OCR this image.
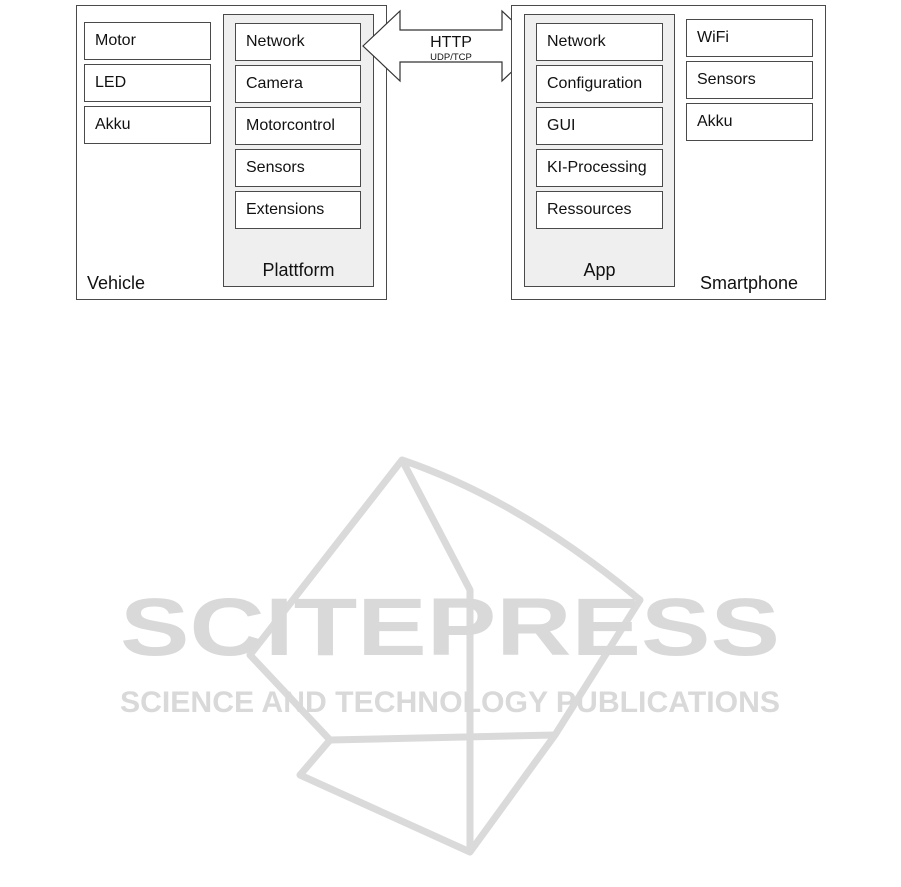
Motor
LED
Akku
Vehicle
Network
Camera
Motorcontrol
Sensors
Extensions
Plattform
HTTP
UDP/TCP
Network
Configuration
GUI
KI-Processing
Ressources
App
WiFi
Sensors
Akku
Smartphone
SCITEPRESS
SCIENCE AND TECHNOLOGY PUBLICATIONS
